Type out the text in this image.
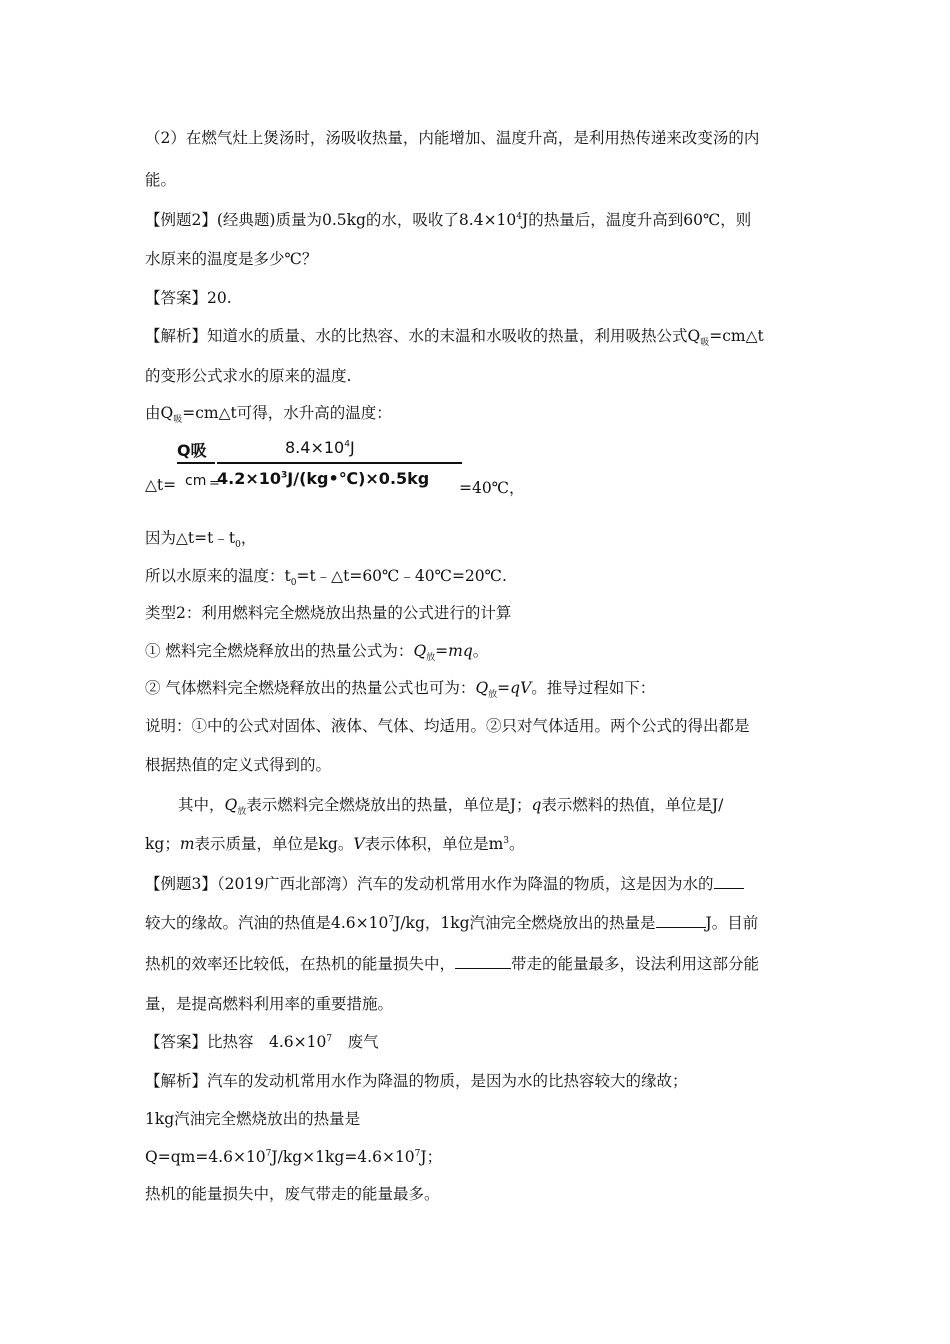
（2）在燃气灶上煲汤时，汤吸收热量，内能增加、温度升高，是利用热传递来改变汤的内
能。
【例题2】(经典题)质量为0.5kg的水，吸收了$8.4\times 10^4J$的热量后，温度升高到60℃，则
水原来的温度是多少℃？
【答案】20.
【解析】知道水的质量、水的比热容、水的末温和水吸收的热量，利用吸热公式$Q_吸=cm\triangle t$
的变形公式求水的原来的温度.
由$Q_吸=cm\triangle t$可得，水升高的温度：
Q吸
cm
△t=	=
$8.4\times 10^4J$
$4.2\times 10^3J/(kg•℃)\times 0.5kg$ =40℃，
因为$\triangle t=t﹣t_0$，
所以水原来的温度：$t_0=t﹣\triangle t=60℃﹣40℃=20℃$.
类型2：利用燃料完全燃烧放出热量的公式进行的计算
① 燃料完全燃烧释放出的热量公式为：$Q_放=mq$。
② 气体燃料完全燃烧释放出的热量公式也可为：$Q_放=qV$。推导过程如下：
说明：①中的公式对固体、液体、气体、均适用。②只对气体适用。两个公式的得出都是
根据热值的定义式得到的。
其中，$Q_放$表示燃料完全燃烧放出的热量，单位是J；q表示燃料的热值，单位是J/
kg；m表示质量，单位是kg。V表示体积，单位是$m^3$。
【例题3】（2019广西北部湾）汽车的发动机常用水作为降温的物质，这是因为水的
较大的缘故。汽油的热值是$4.6\times 10^7J/kg$，1kg汽油完全燃烧放出的热量是	J。目前
热机的效率还比较低，在热机的能量损失中，	带走的能量最多，设法利用这部分能
量，是提高燃料利用率的重要措施。
【答案】比热容　$4.6\times 10^7$　废气
【解析】汽车的发动机常用水作为降温的物质，是因为水的比热容较大的缘故；
1kg汽油完全燃烧放出的热量是
$Q=qm=4.6\times 10^7J/kg\times 1kg=4.6\times 10^7J$；
热机的能量损失中，废气带走的能量最多。
